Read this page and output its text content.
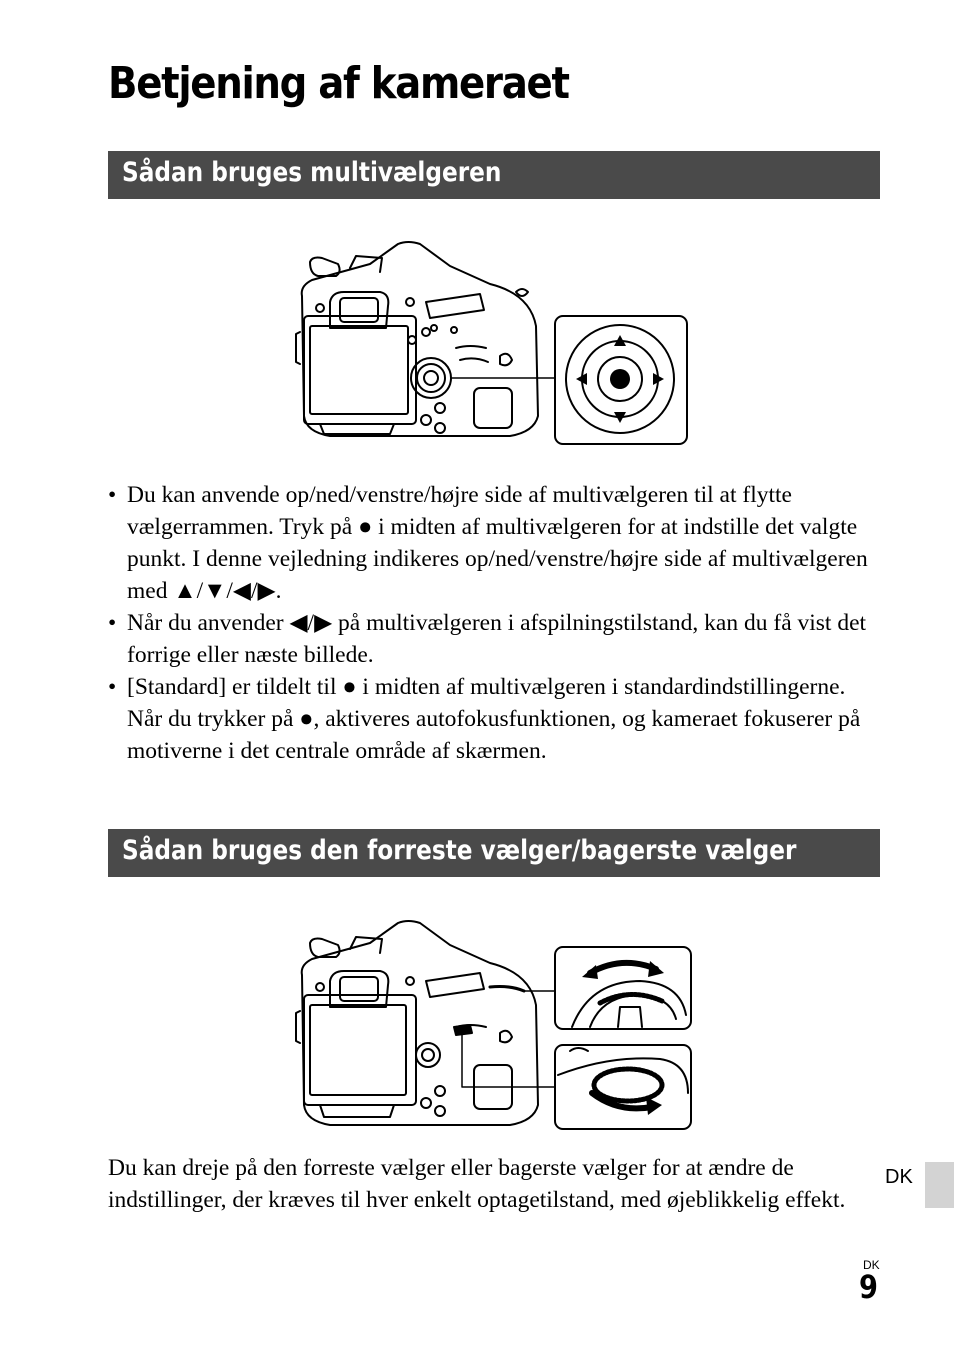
Betjening af kameraet
Sådan bruges multivælgeren
• Du kan anvende op/ned/venstre/højre side af multivælgeren til at flytte vælgerrammen. Tryk på ● i midten af multivælgeren for at indstille det valgte punkt. I denne vejledning indikeres op/ned/venstre/højre side af multivælgeren med ▲/▼/◀/▶.
• Når du anvender ◀/▶ på multivælgeren i afspilningstilstand, kan du få vist det forrige eller næste billede.
• [Standard] er tildelt til ● i midten af multivælgeren i standardindstillingerne. Når du trykker på ●, aktiveres autofokusfunktionen, og kameraet fokuserer på motiverne i det centrale område af skærmen.
Sådan bruges den forreste vælger/bagerste vælger

Du kan dreje på den forreste vælger eller bagerste vælger for at ændre de indstillinger, der kræves til hver enkelt optagetilstand, med øjeblikkelig effekt.

DK
DK
9
